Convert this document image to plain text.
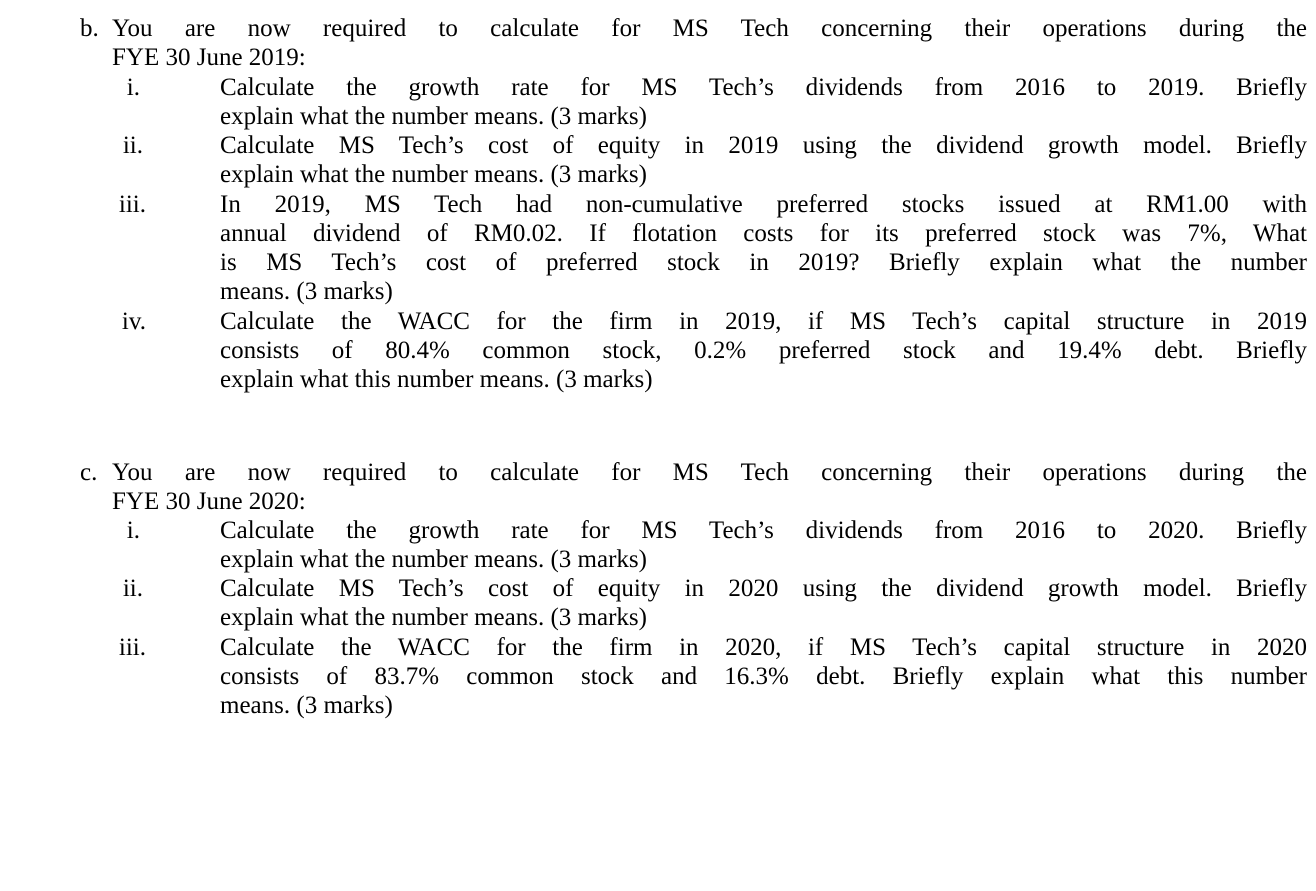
b. You are now required to calculate for MS Tech concerning their operations during the
FYE 30 June 2019:
i.	Calculate the growth rate for MS Tech’s dividends from 2016 to 2019. Briefly
explain what the number means. (3 marks)
ii.	Calculate MS Tech’s cost of equity in 2019 using the dividend growth model. Briefly
explain what the number means. (3 marks)
iii.	In 2019, MS Tech had non-cumulative preferred stocks issued at RM1.00 with
annual dividend of RM0.02. If flotation costs for its preferred stock was 7%, What
is MS Tech’s cost of preferred stock in 2019? Briefly explain what the number
means. (3 marks)
iv.	Calculate the WACC for the firm in 2019, if MS Tech’s capital structure in 2019
consists of 80.4% common stock, 0.2% preferred stock and 19.4% debt. Briefly
explain what this number means. (3 marks)
c. You are now required to calculate for MS Tech concerning their operations during the
FYE 30 June 2020:
i.	Calculate the growth rate for MS Tech’s dividends from 2016 to 2020. Briefly
explain what the number means. (3 marks)
ii.	Calculate MS Tech’s cost of equity in 2020 using the dividend growth model. Briefly
explain what the number means. (3 marks)
iii.	Calculate the WACC for the firm in 2020, if MS Tech’s capital structure in 2020
consists of 83.7% common stock and 16.3% debt. Briefly explain what this number
means. (3 marks)
